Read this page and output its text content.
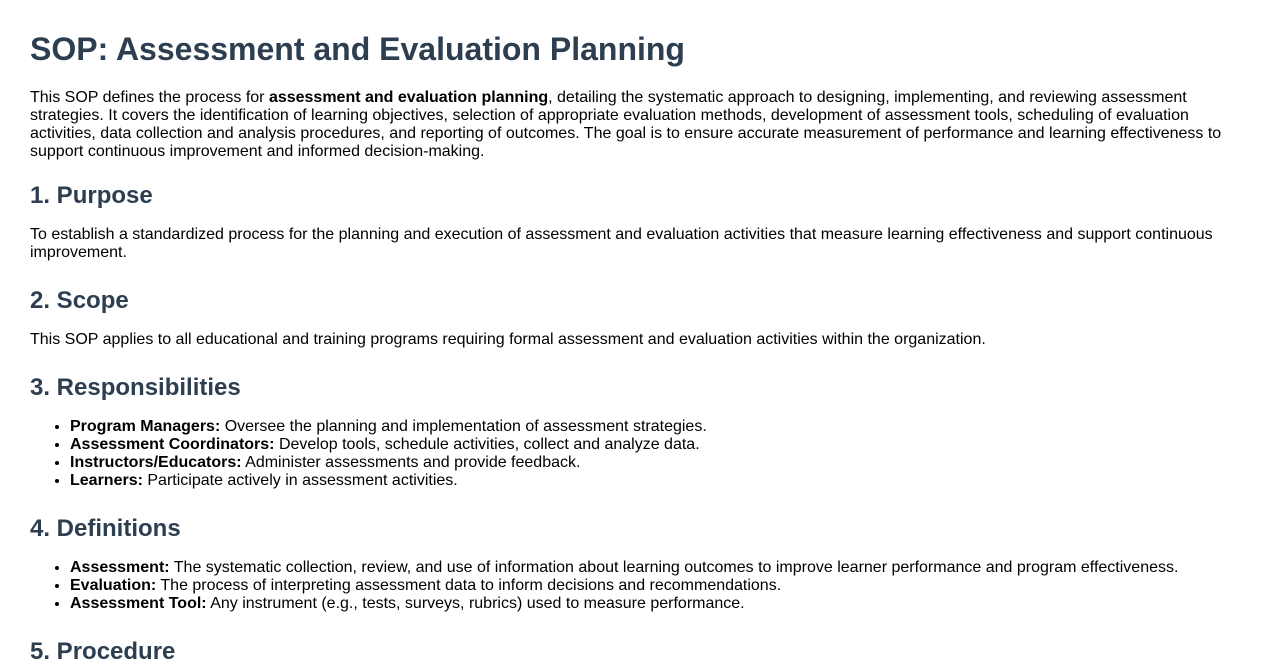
SOP: Assessment and Evaluation Planning

This SOP defines the process for assessment and evaluation planning, detailing the systematic approach to designing, implementing, and reviewing assessment strategies. It covers the identification of learning objectives, selection of appropriate evaluation methods, development of assessment tools, scheduling of evaluation activities, data collection and analysis procedures, and reporting of outcomes. The goal is to ensure accurate measurement of performance and learning effectiveness to support continuous improvement and informed decision-making.

1. Purpose

To establish a standardized process for the planning and execution of assessment and evaluation activities that measure learning effectiveness and support continuous improvement.

2. Scope

This SOP applies to all educational and training programs requiring formal assessment and evaluation activities within the organization.

3. Responsibilities
• Program Managers: Oversee the planning and implementation of assessment strategies.
• Assessment Coordinators: Develop tools, schedule activities, collect and analyze data.
• Instructors/Educators: Administer assessments and provide feedback.
• Learners: Participate actively in assessment activities.
4. Definitions
• Assessment: The systematic collection, review, and use of information about learning outcomes to improve learner performance and program effectiveness.
• Evaluation: The process of interpreting assessment data to inform decisions and recommendations.
• Assessment Tool: Any instrument (e.g., tests, surveys, rubrics) used to measure performance.
5. Procedure
